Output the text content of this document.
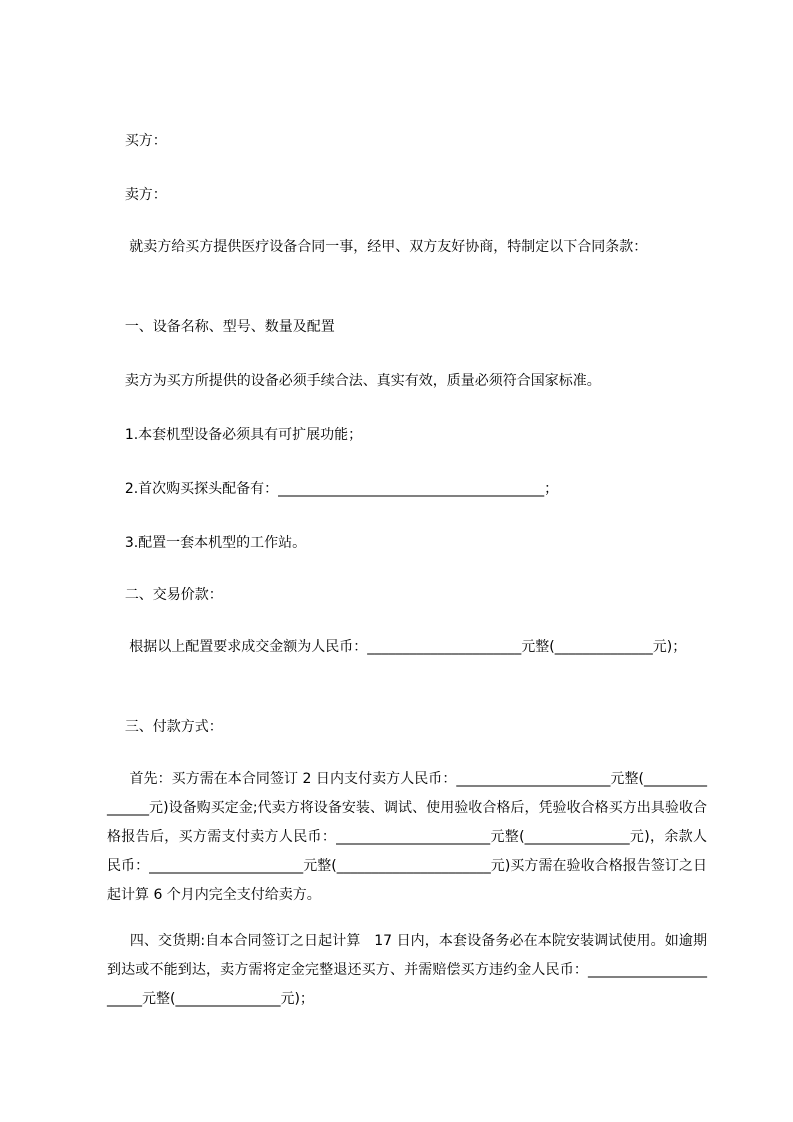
买方：

卖方：

就卖方给买方提供医疗设备合同一事，经甲、双方友好协商，特制定以下合同条款：

一、设备名称、型号、数量及配置

卖方为买方所提供的设备必须手续合法、真实有效，质量必须符合国家标准。

1.本套机型设备必须具有可扩展功能；

2.首次购买探头配备有：______________________________________；

3.配置一套本机型的工作站。

二、交易价款：

根据以上配置要求成交金额为人民币：______________________元整(______________元)；

三、付款方式：

首先：买方需在本合同签订 2 日内支付卖方人民币：______________________元整(_______________元)设备购买定金;代卖方将设备安装、调试、使用验收合格后，凭验收合格买方出具验收合格报告后，买方需支付卖方人民币：______________________元整(_______________元)，余款人民币：______________________元整(______________________元)买方需在验收合格报告签订之日起计算 6 个月内完全支付给卖方。

四、交货期:自本合同签订之日起计算   17 日内，本套设备务必在本院安装调试使用。如逾期到达或不能到达，卖方需将定金完整退还买方、并需赔偿买方违约金人民币：______________________元整(_______________元)；
